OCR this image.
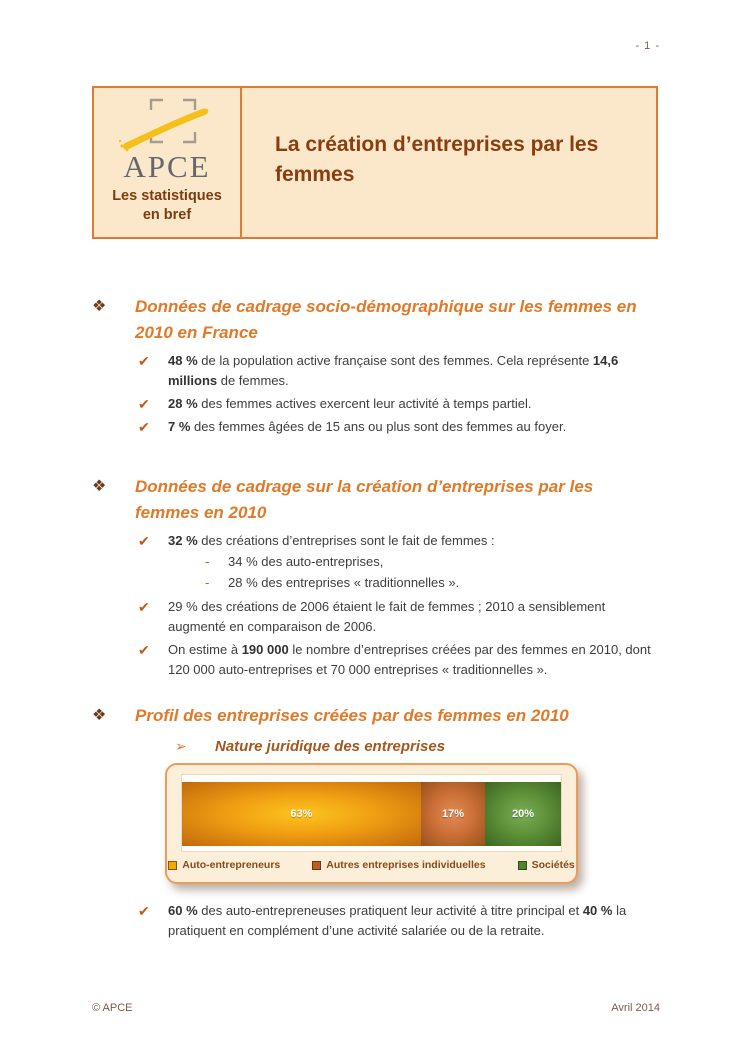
- 1 -
APCE
Les statistiques en bref
La création d’entreprises par les femmes
❖	Données de cadrage socio-démographique sur les femmes en 2010 en France
✔	48 % de la population active française sont des femmes. Cela représente 14,6 millions de femmes.

✔	28 % des femmes actives exercent leur activité à temps partiel.

✔	7 % des femmes âgées de 15 ans ou plus sont des femmes au foyer.

❖	Données de cadrage sur la création d’entreprises par les femmes en 2010
✔	32 % des créations d’entreprises sont le fait de femmes :

-	34 % des auto-entreprises,
-	28 % des entreprises « traditionnelles ».
✔	29 % des créations de 2006 étaient le fait de femmes ; 2010 a sensiblement augmenté en comparaison de 2006.

✔	On estime à 190 000 le nombre d’entreprises créées par des femmes en 2010, dont 120 000 auto-entreprises et 70 000 entreprises « traditionnelles ».

❖	Profil des entreprises créées par des femmes en 2010
➢	Nature juridique des entreprises
63%	17%	20%
Auto-entrepreneurs	Autres entreprises individuelles	Sociétés
✔	60 % des auto-entrepreneuses pratiquent leur activité à titre principal et 40 % la pratiquent en complément d’une activité salariée ou de la retraite.

© APCE	Avril 2014
